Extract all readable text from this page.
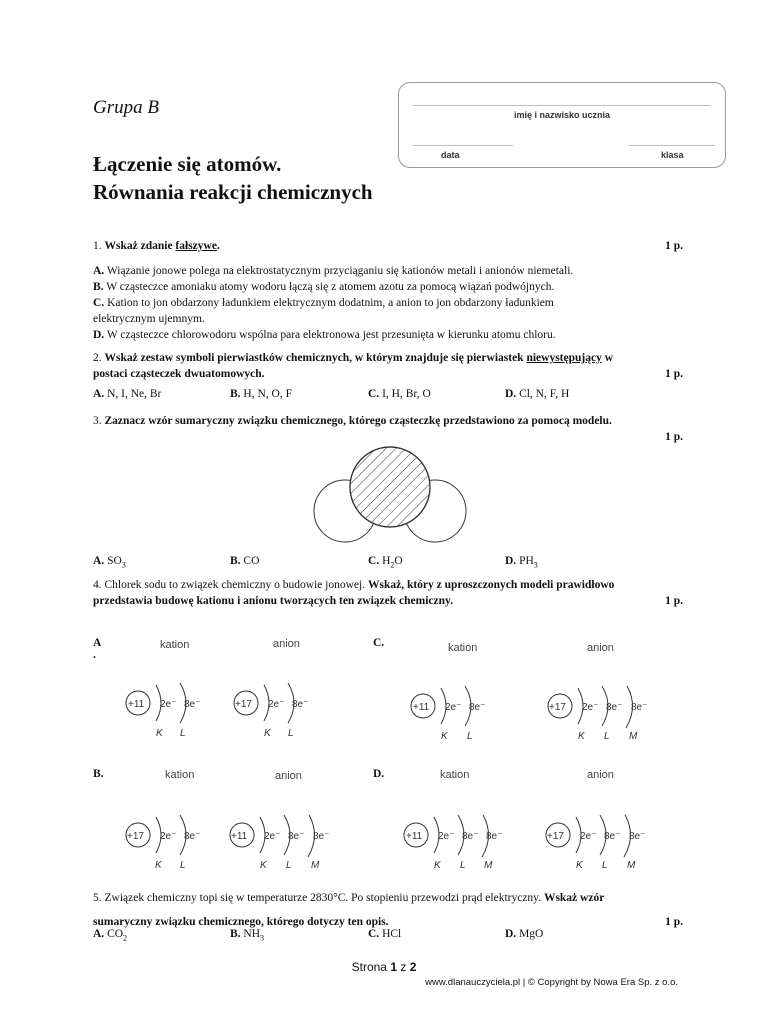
Grupa B
Łączenie się atomów.
Równania reakcji chemicznych
imię i nazwisko ucznia
data	klasa
1. Wskaż zdanie fałszywe.	1 p.
A. Wiązanie jonowe polega na elektrostatycznym przyciąganiu się kationów metali i anionów niemetali.
B. W cząsteczce amoniaku atomy wodoru łączą się z atomem azotu za pomocą wiązań podwójnych.
C. Kation to jon obdarzony ładunkiem elektrycznym dodatnim, a anion to jon obdarzony ładunkiem
elektrycznym ujemnym.
D. W cząsteczce chlorowodoru wspólna para elektronowa jest przesunięta w kierunku atomu chloru.
2. Wskaż zestaw symboli pierwiastków chemicznych, w którym znajduje się pierwiastek niewystępujący w
postaci cząsteczek dwuatomowych.	1 p.
A. N, I, Ne, Br	B. H, N, O, F	C. I, H, Br, O	D. Cl, N, F, H
3. Zaznacz wzór sumaryczny związku chemicznego, którego cząsteczkę przedstawiono za pomocą modelu.

1 p.
A. $SO_3$	B. CO	C. $H_2O$	D. $PH_3$
4. Chlorek sodu to związek chemiczny o budowie jonowej. Wskaż, który z uproszczonych modeli prawidłowo
przedstawia budowę kationu i anionu tworzących ten związek chemiczny.	1 p.
A
.
kation	anion
+11 2e⁻ 8e⁻
K L
+17 2e⁻ 8e⁻
K L
C.	kation	anion
+11 2e⁻ 8e⁻
K L
+17 2e⁻ 8e⁻ 8e⁻
K L M
B.	kation	anion
+17 2e⁻ 8e⁻
K L
+11 2e⁻ 8e⁻ 8e⁻
K L M
D.	kation	anion
+11 2e⁻ 8e⁻ 8e⁻
K L M
+17 2e⁻ 8e⁻ 8e⁻
K L M
5. Związek chemiczny topi się w temperaturze 2830°C. Po stopieniu przewodzi prąd elektryczny. Wskaż wzór
sumaryczny związku chemicznego, którego dotyczy ten opis.	1 p.
A. $CO_2$	B. $NH_3$	C. HCl	D. MgO
Strona 1 z 2
www.dlanauczyciela.pl | © Copyright by Nowa Era Sp. z o.o.
